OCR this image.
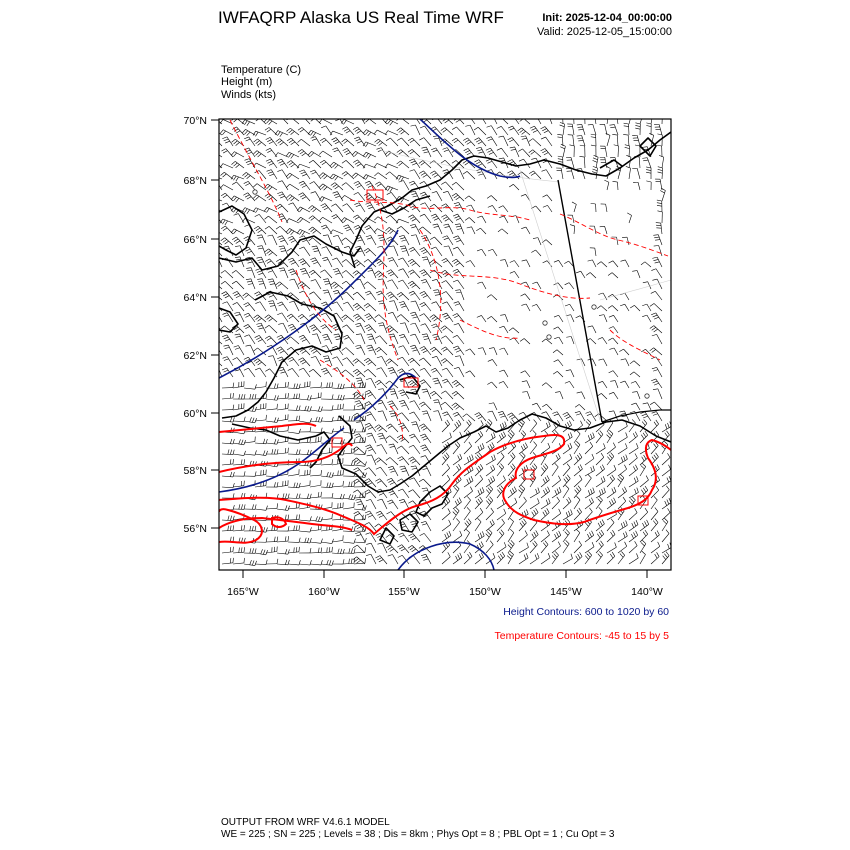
IWFAQRP Alaska US Real Time WRF	Init: 2025-12-04_00:00:00
Valid: 2025-12-05_15:00:00
Temperature (C)
Height (m)
Winds (kts)
70°N
68°N
66°N
64°N
62°N
60°N
58°N
56°N
165°W	160°W	155°W	150°W	145°W	140°W
Height Contours: 600 to 1020 by 60
Temperature Contours: -45 to 15 by 5
OUTPUT FROM WRF V4.6.1 MODEL
WE = 225 ; SN = 225 ; Levels = 38 ; Dis = 8km ; Phys Opt = 8 ; PBL Opt = 1 ; Cu Opt = 3
